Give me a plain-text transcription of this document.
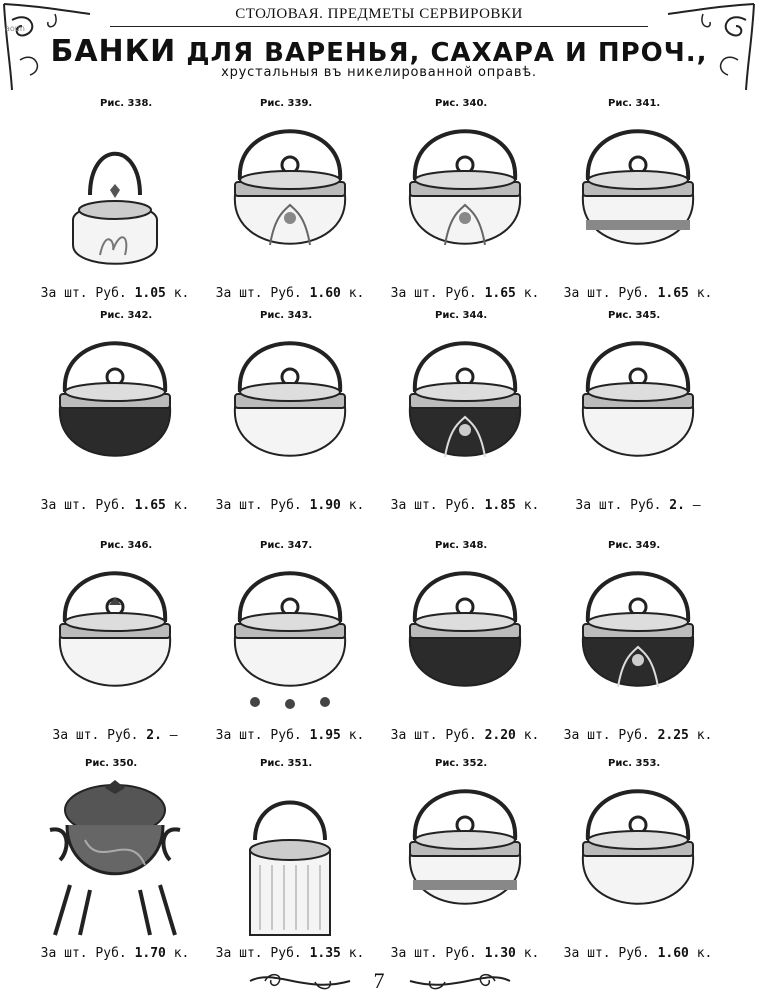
СТОЛОВАЯ. ПРЕДМЕТЫ СЕРВИРОВКИ
aoun
БАНКИ ДЛЯ ВАРЕНЬЯ, САХАРА И ПРОЧ.,
хрустальныя въ никелированной оправѣ.
Рис. 338.
За шт. Руб. 1.05 к.
Рис. 339.
За шт. Руб. 1.60 к.
Рис. 340.
За шт. Руб. 1.65 к.
Рис. 341.
За шт. Руб. 1.65 к.
Рис. 342.
За шт. Руб. 1.65 к.
Рис. 343.
За шт. Руб. 1.90 к.
Рис. 344.
За шт. Руб. 1.85 к.
Рис. 345.
За шт. Руб. 2. —
Рис. 346.
За шт. Руб. 2. —
Рис. 347.
За шт. Руб. 1.95 к.
Рис. 348.
За шт. Руб. 2.20 к.
Рис. 349.
За шт. Руб. 2.25 к.
Рис. 350.
За шт. Руб. 1.70 к.
Рис. 351.
За шт. Руб. 1.35 к.
Рис. 352.
За шт. Руб. 1.30 к.
Рис. 353.
За шт. Руб. 1.60 к.
7
